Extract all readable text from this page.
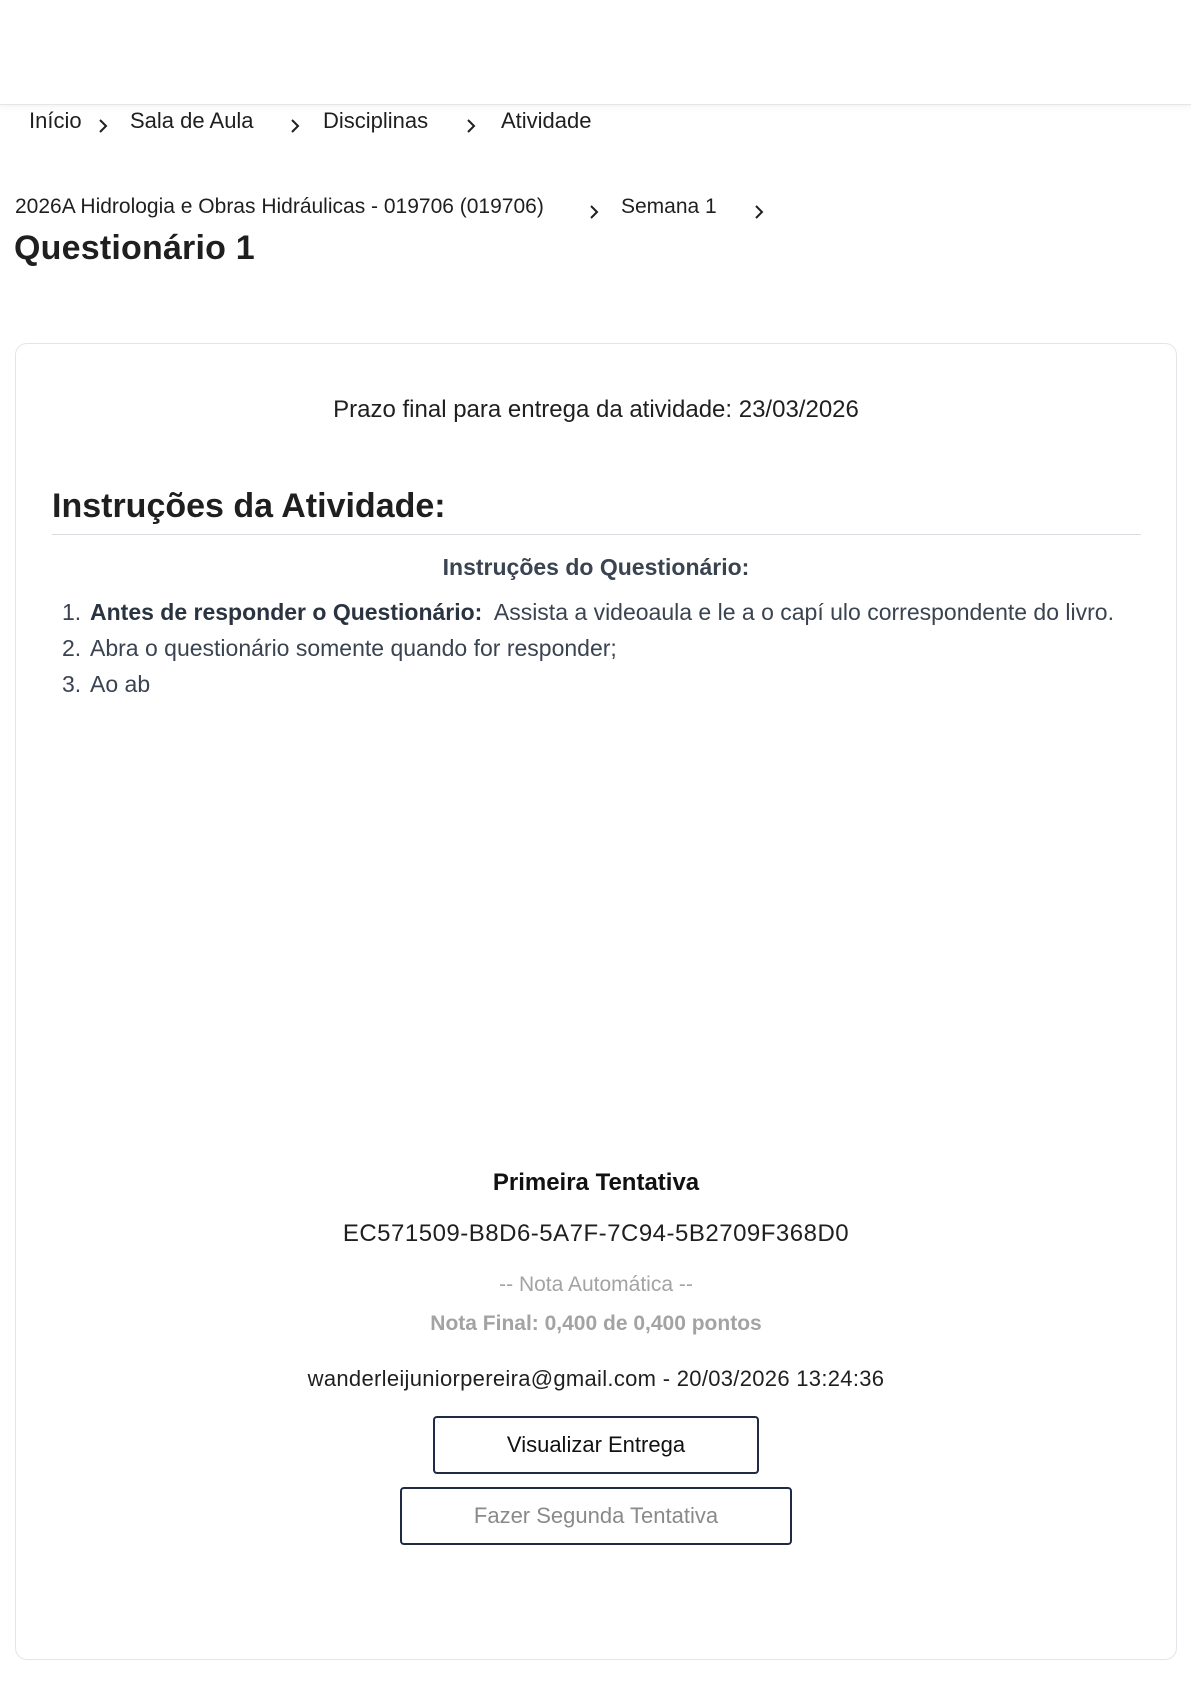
Início Sala de Aula	Disciplinas	Atividade
2026A Hidrologia e Obras Hidráulicas - 019706 (019706)	Semana 1
Questionário 1
Prazo final para entrega da atividade: 23/03/2026
Instruções da Atividade:
Instruções do Questionário:
1. Antes de responder o Questionário: Assista a videoaula e le a o capí ulo correspondente do livro.
2. Abra o questionário somente quando for responder;
3. Ao ab
Primeira Tentativa
EC571509-B8D6-5A7F-7C94-5B2709F368D0
-- Nota Automática --
Nota Final: 0,400 de 0,400 pontos
wanderleijuniorpereira@gmail.com - 20/03/2026 13:24:36
Visualizar Entrega
Fazer Segunda Tentativa
